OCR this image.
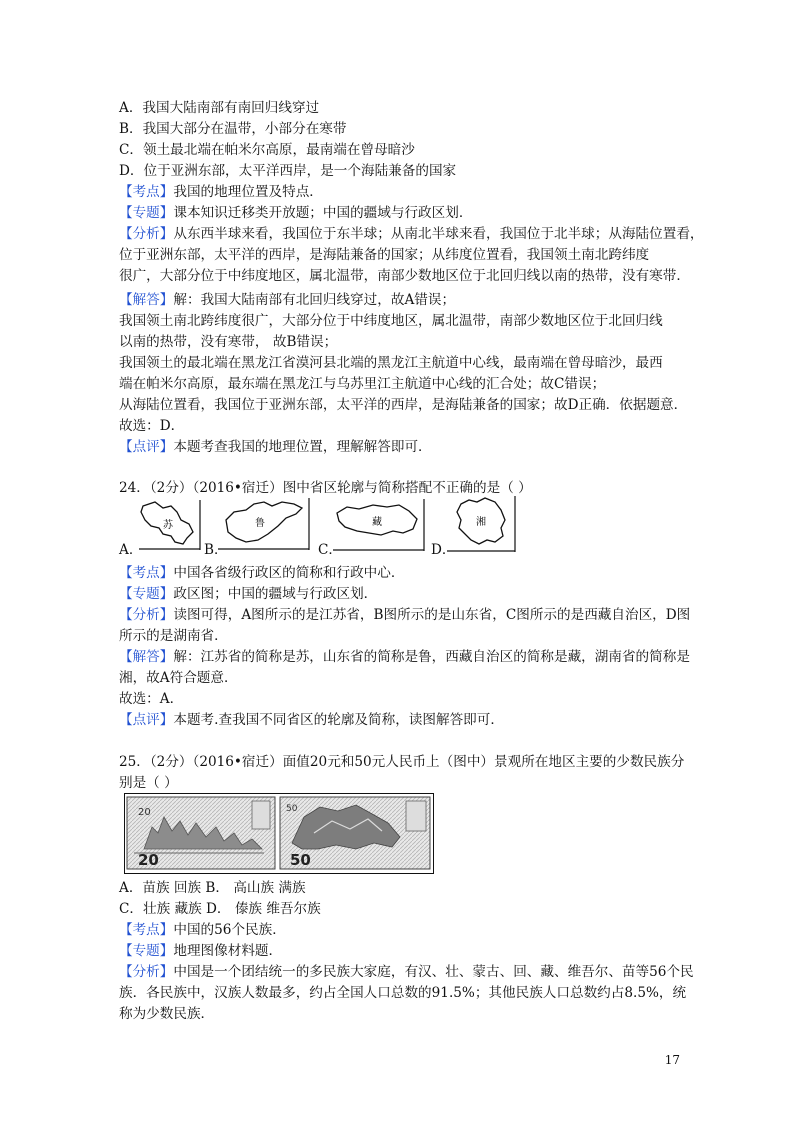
A．我国大陆南部有南回归线穿过
B．我国大部分在温带，小部分在寒带
C．领土最北端在帕米尔高原，最南端在曾母暗沙
D．位于亚洲东部，太平洋西岸，是一个海陆兼备的国家
【考点】我国的地理位置及特点．
【专题】课本知识迁移类开放题；中国的疆域与行政区划．
【分析】从东西半球来看，我国位于东半球；从南北半球来看，我国位于北半球；从海陆位置看，
位于亚洲东部，太平洋的西岸，是海陆兼备的国家；从纬度位置看，我国领土南北跨纬度
很广，大部分位于中纬度地区，属北温带，南部少数地区位于北回归线以南的热带，没有寒带．
【解答】解：我国大陆南部有北回归线穿过，故A错误；
我国领土南北跨纬度很广，大部分位于中纬度地区，属北温带，南部少数地区位于北回归线
以南的热带，没有寒带， 故B错误；
我国领土的最北端在黑龙江省漠河县北端的黑龙江主航道中心线，最南端在曾母暗沙，最西
端在帕米尔高原，最东端在黑龙江与乌苏里江主航道中心线的汇合处；故C错误；
从海陆位置看，我国位于亚洲东部，太平洋的西岸，是海陆兼备的国家；故D正确．依据题意．
故选：D．
【点评】本题考查我国的地理位置，理解解答即可．
24．（2分）（2016•宿迁）图中省区轮廓与简称搭配不正确的是（ ）
A．	B．	C．	D．
苏	鲁	藏	湘
【考点】中国各省级行政区的简称和行政中心．
【专题】政区图；中国的疆域与行政区划．
【分析】读图可得，A图所示的是江苏省，B图所示的是山东省，C图所示的是西藏自治区，D图
所示的是湖南省．
【解答】解：江苏省的简称是苏，山东省的简称是鲁，西藏自治区的简称是藏，湖南省的简称是
湘，故A符合题意．
故选：A．
【点评】本题考.查我国不同省区的轮廓及简称，读图解答即可．
25．（2分）（2016•宿迁）面值20元和50元人民币上（图中）景观所在地区主要的少数民族分
别是（ ）
20
20
50
50
A．苗族 回族 B． 高山族 满族
C．壮族 藏族 D． 傣族 维吾尔族
【考点】中国的56个民族．
【专题】地理图像材料题．
【分析】中国是一个团结统一的多民族大家庭，有汉、壮、蒙古、回、藏、维吾尔、苗等56个民
族．各民族中，汉族人数最多，约占全国人口总数的91.5%；其他民族人口总数约占8.5%，统
称为少数民族．
17
